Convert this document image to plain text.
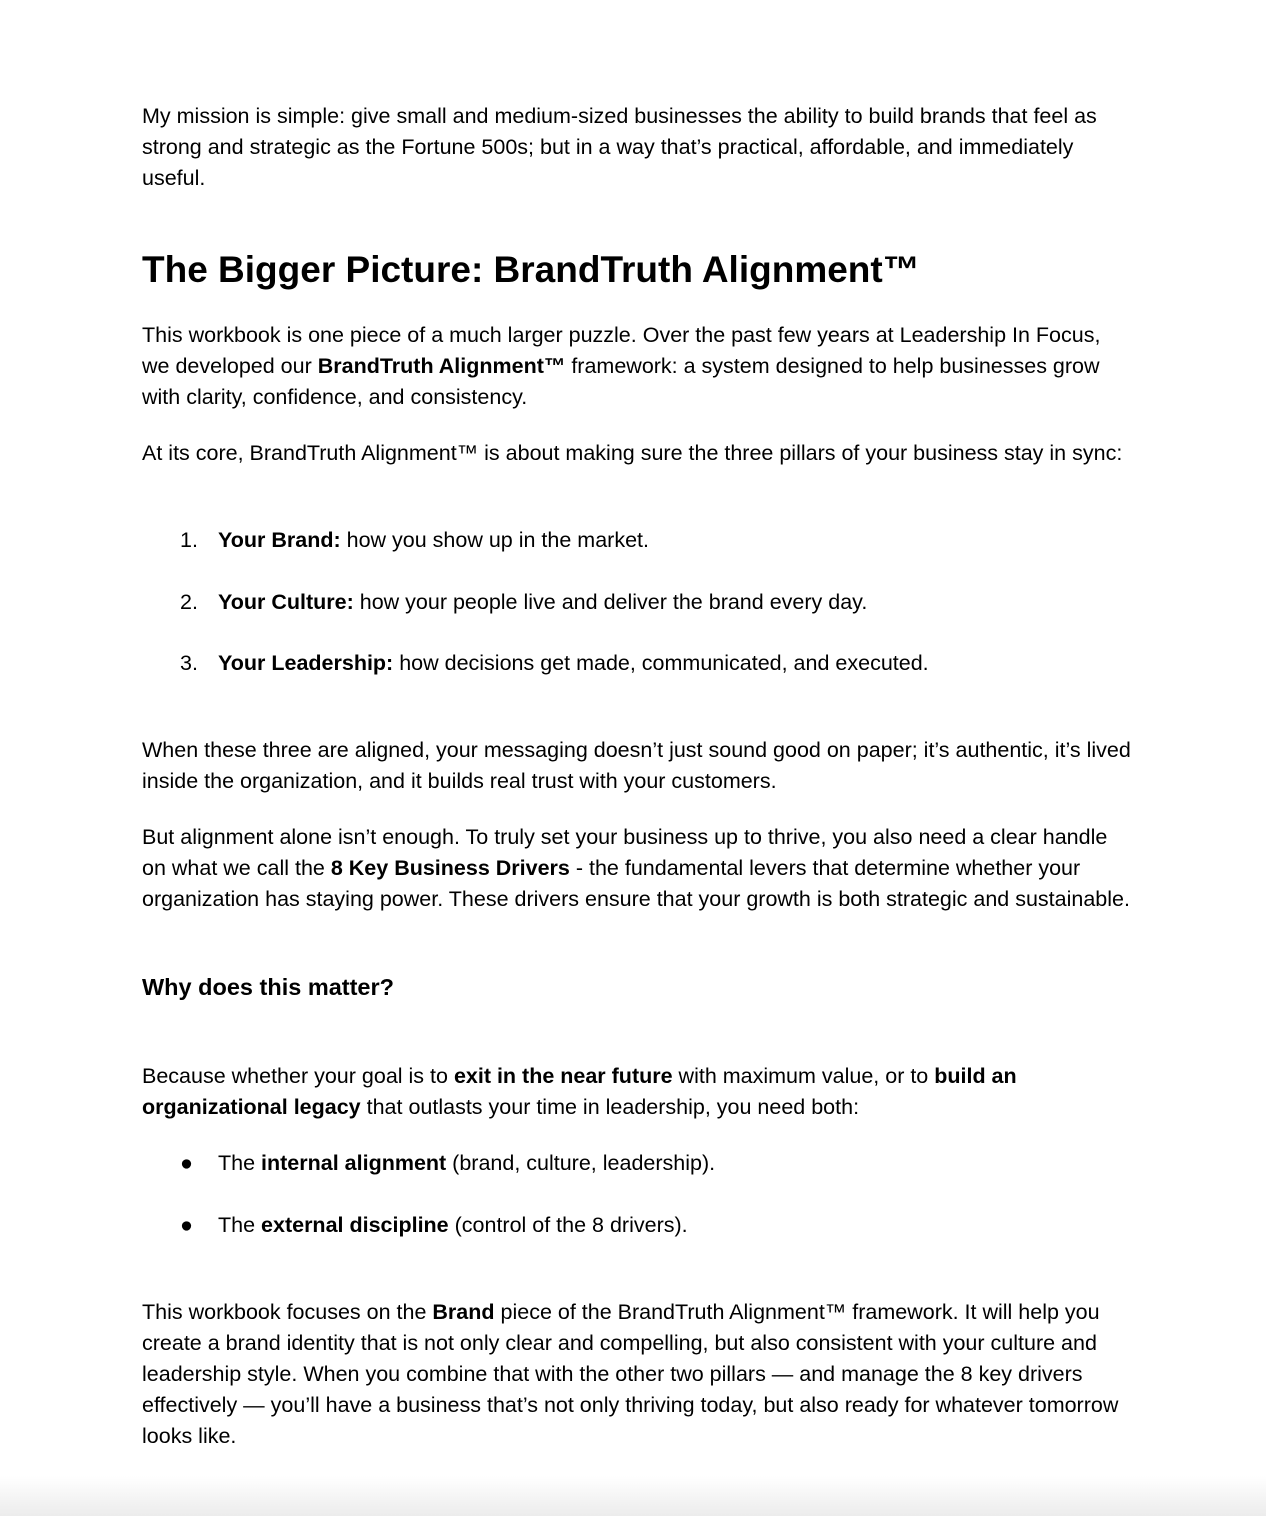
My mission is simple: give small and medium-sized businesses the ability to build brands that feel as strong and strategic as the Fortune 500s; but in a way that’s practical, affordable, and immediately useful.

The Bigger Picture: BrandTruth Alignment™

This workbook is one piece of a much larger puzzle. Over the past few years at Leadership In Focus, we developed our BrandTruth Alignment™ framework: a system designed to help businesses grow with clarity, confidence, and consistency.

At its core, BrandTruth Alignment™ is about making sure the three pillars of your business stay in sync:

1. Your Brand: how you show up in the market.
2. Your Culture: how your people live and deliver the brand every day.
3. Your Leadership: how decisions get made, communicated, and executed.

When these three are aligned, your messaging doesn’t just sound good on paper; it’s authentic, it’s lived inside the organization, and it builds real trust with your customers.

But alignment alone isn’t enough. To truly set your business up to thrive, you also need a clear handle on what we call the 8 Key Business Drivers - the fundamental levers that determine whether your organization has staying power. These drivers ensure that your growth is both strategic and sustainable.

Why does this matter?

Because whether your goal is to exit in the near future with maximum value, or to build an organizational legacy that outlasts your time in leadership, you need both:

● The internal alignment (brand, culture, leadership).
● The external discipline (control of the 8 drivers).

This workbook focuses on the Brand piece of the BrandTruth Alignment™ framework. It will help you create a brand identity that is not only clear and compelling, but also consistent with your culture and leadership style. When you combine that with the other two pillars — and manage the 8 key drivers effectively — you’ll have a business that’s not only thriving today, but also ready for whatever tomorrow looks like.
